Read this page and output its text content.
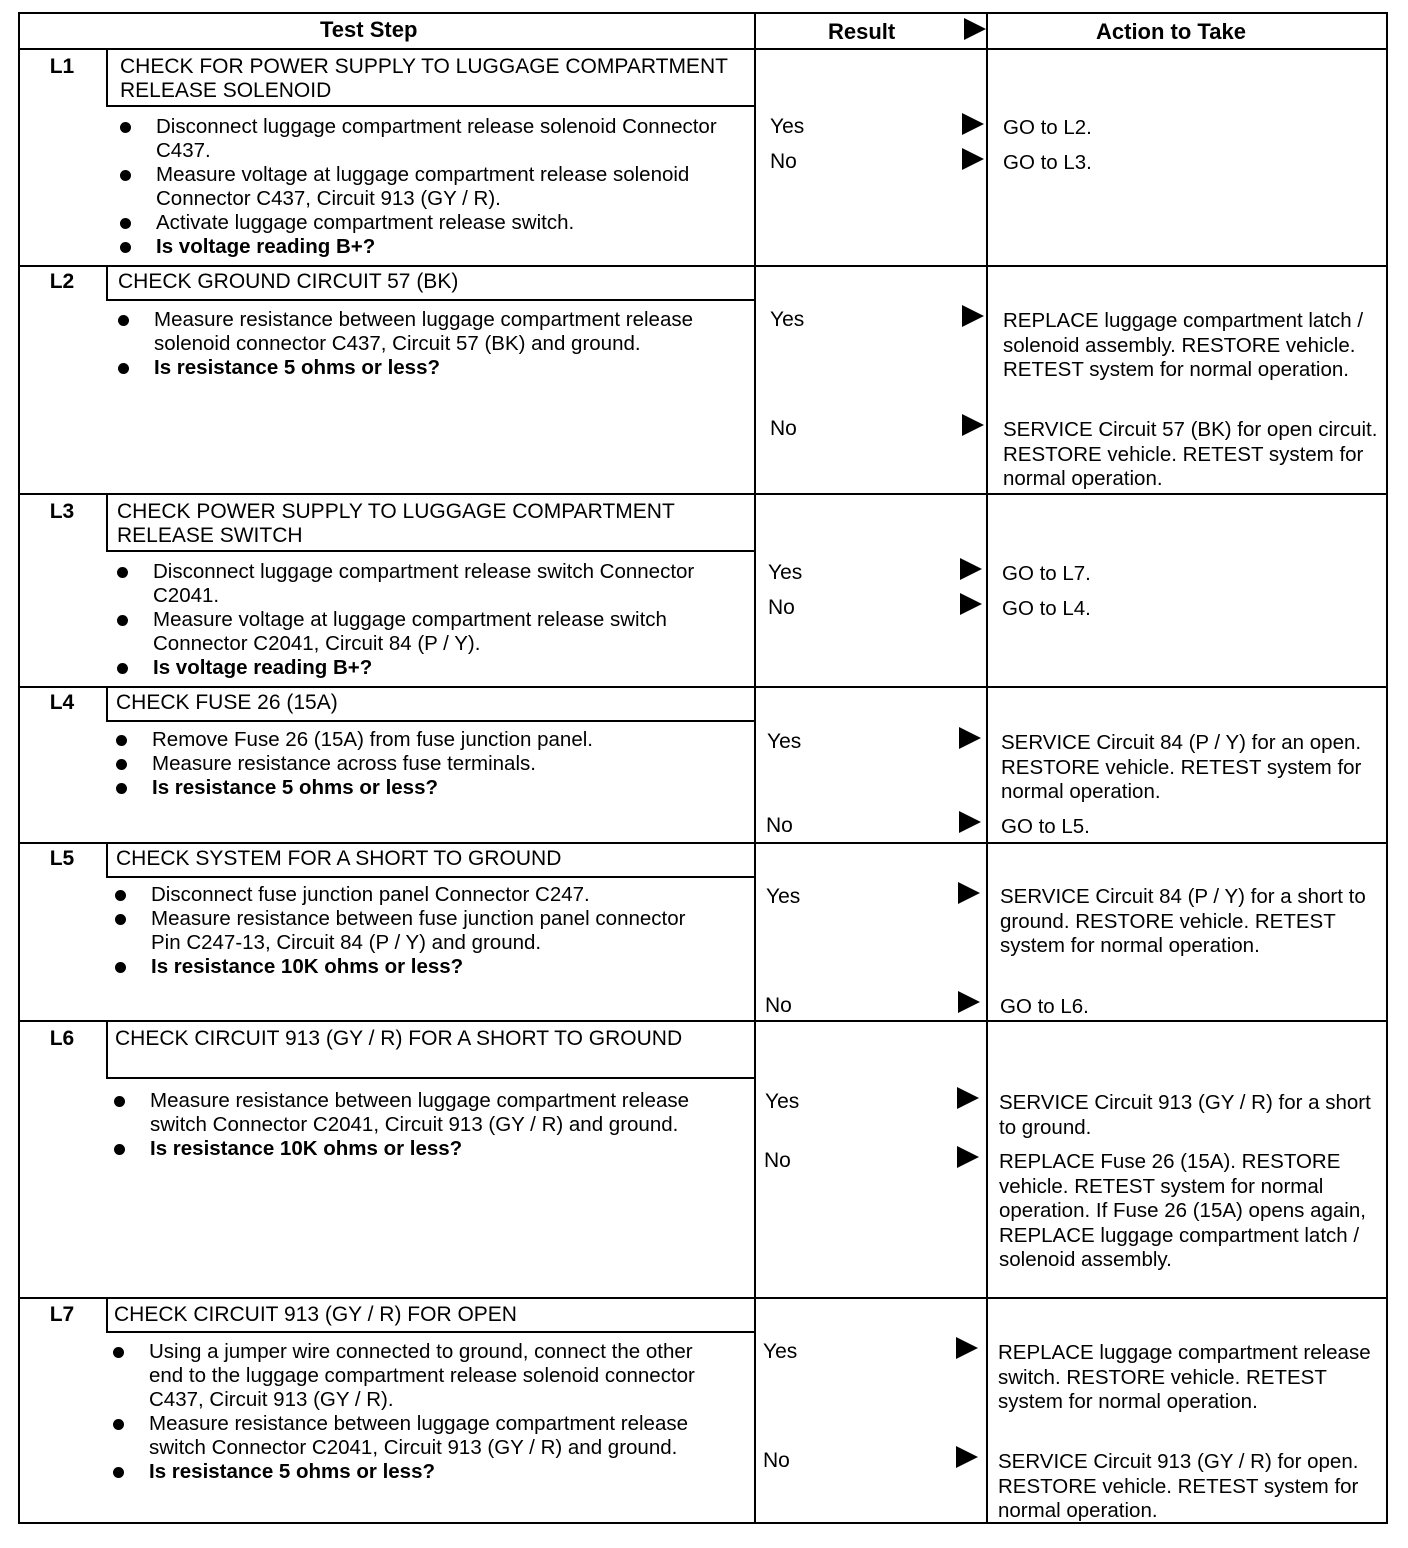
Test Step	Result	Action to Take
L1	CHECK FOR POWER SUPPLY TO LUGGAGE COMPARTMENT RELEASE SOLENOID
Disconnect luggage compartment release solenoid Connector C437.
Measure voltage at luggage compartment release solenoid Connector C437, Circuit 913 (GY / R).
Activate luggage compartment release switch.
Is voltage reading B+?
Yes	GO to L2.
No	GO to L3.
L2	CHECK GROUND CIRCUIT 57 (BK)
Measure resistance between luggage compartment release solenoid connector C437, Circuit 57 (BK) and ground.
Is resistance 5 ohms or less?
Yes	REPLACE luggage compartment latch / solenoid assembly. RESTORE vehicle. RETEST system for normal operation.
No	SERVICE Circuit 57 (BK) for open circuit. RESTORE vehicle. RETEST system for normal operation.
L3	CHECK POWER SUPPLY TO LUGGAGE COMPARTMENT RELEASE SWITCH
Disconnect luggage compartment release switch Connector C2041.
Measure voltage at luggage compartment release switch Connector C2041, Circuit 84 (P / Y).
Is voltage reading B+?
Yes	GO to L7.
No	GO to L4.
L4	CHECK FUSE 26 (15A)
Remove Fuse 26 (15A) from fuse junction panel.
Measure resistance across fuse terminals.
Is resistance 5 ohms or less?
Yes	SERVICE Circuit 84 (P / Y) for an open. RESTORE vehicle. RETEST system for normal operation.
No	GO to L5.
L5	CHECK SYSTEM FOR A SHORT TO GROUND
Disconnect fuse junction panel Connector C247.
Measure resistance between fuse junction panel connector Pin C247-13, Circuit 84 (P / Y) and ground.
Is resistance 10K ohms or less?
Yes	SERVICE Circuit 84 (P / Y) for a short to ground. RESTORE vehicle. RETEST system for normal operation.
No	GO to L6.
L6	CHECK CIRCUIT 913 (GY / R) FOR A SHORT TO GROUND
Measure resistance between luggage compartment release switch Connector C2041, Circuit 913 (GY / R) and ground.
Is resistance 10K ohms or less?
Yes	SERVICE Circuit 913 (GY / R) for a short to ground.
No	REPLACE Fuse 26 (15A). RESTORE vehicle. RETEST system for normal operation. If Fuse 26 (15A) opens again, REPLACE luggage compartment latch / solenoid assembly.
L7	CHECK CIRCUIT 913 (GY / R) FOR OPEN
Using a jumper wire connected to ground, connect the other end to the luggage compartment release solenoid connector C437, Circuit 913 (GY / R).
Measure resistance between luggage compartment release switch Connector C2041, Circuit 913 (GY / R) and ground.
Is resistance 5 ohms or less?
Yes	REPLACE luggage compartment release switch. RESTORE vehicle. RETEST system for normal operation.
No	SERVICE Circuit 913 (GY / R) for open. RESTORE vehicle. RETEST system for normal operation.
